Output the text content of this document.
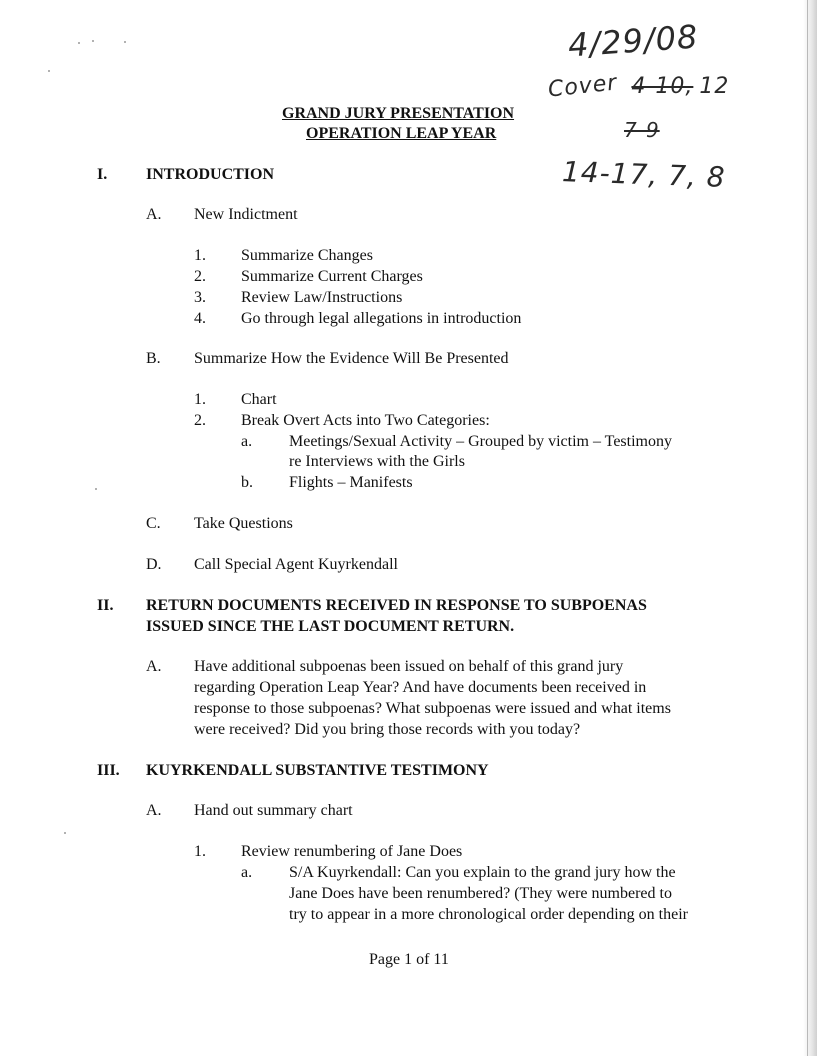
GRAND JURY PRESENTATION
OPERATION LEAP YEAR
4/29/08
Cover 4-10, 12
7-9
14-17, 7, 8
I. INTRODUCTION
A. New Indictment
1. Summarize Changes
2. Summarize Current Charges
3. Review Law/Instructions
4. Go through legal allegations in introduction
B. Summarize How the Evidence Will Be Presented
1. Chart
2. Break Overt Acts into Two Categories:
a. Meetings/Sexual Activity – Grouped by victim – Testimony
re Interviews with the Girls
b. Flights – Manifests
C. Take Questions
D. Call Special Agent Kuyrkendall
II. RETURN DOCUMENTS RECEIVED IN RESPONSE TO SUBPOENAS
ISSUED SINCE THE LAST DOCUMENT RETURN.
A. Have additional subpoenas been issued on behalf of this grand jury
regarding Operation Leap Year? And have documents been received in
response to those subpoenas? What subpoenas were issued and what items
were received? Did you bring those records with you today?
III. KUYRKENDALL SUBSTANTIVE TESTIMONY
A. Hand out summary chart
1. Review renumbering of Jane Does
a. S/A Kuyrkendall: Can you explain to the grand jury how the
Jane Does have been renumbered? (They were numbered to
try to appear in a more chronological order depending on their
Page 1 of 11
